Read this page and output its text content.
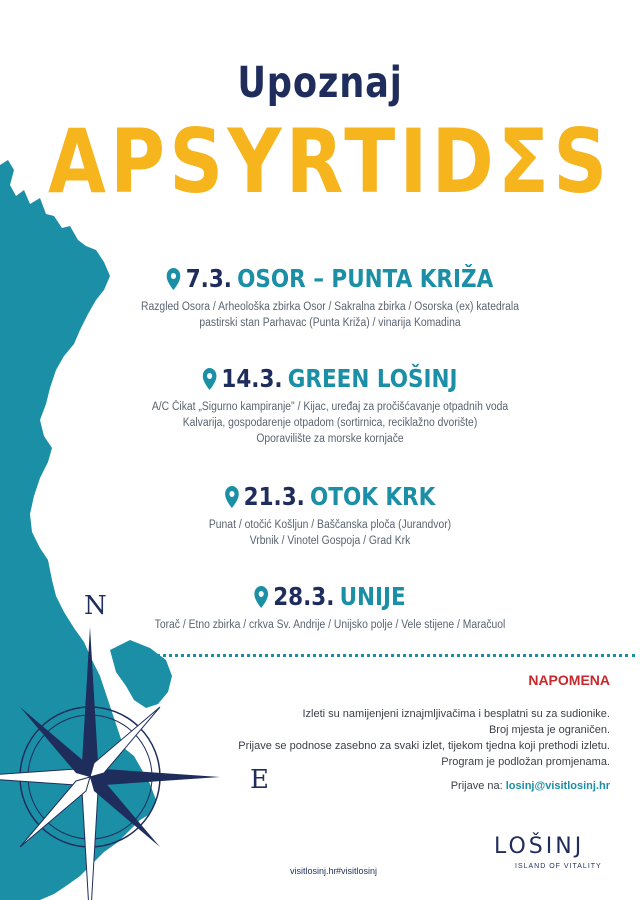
N
E
Upoznaj
APSYRTIDΣS
7.3. OSOR – PUNTA KRIŽA
Razgled Osora / Arheološka zbirka Osor / Sakralna zbirka / Osorska (ex) katedrala
pastirski stan Parhavac (Punta Križa) / vinarija Komadina
14.3. GREEN LOŠINJ
A/C Čikat „Sigurno kampiranje" / Kijac, uređaj za pročišćavanje otpadnih voda
Kalvarija, gospodarenje otpadom (sortirnica, reciklažno dvorište)
Oporavilište za morske kornjače
21.3. OTOK KRK
Punat / otočić Košljun / Baščanska ploča (Jurandvor)
Vrbnik / Vinotel Gospoja / Grad Krk
28.3. UNIJE
Torač / Etno zbirka / crkva Sv. Andrije / Unijsko polje / Vele stijene / Maračuol
NAPOMENA
Izleti su namijenjeni iznajmljivačima i besplatni su za sudionike.
Broj mjesta je ograničen.
Prijave se podnose zasebno za svaki izlet, tijekom tjedna koji prethodi izletu.
Program je podložan promjenama.
Prijave na: losinj@visitlosinj.hr
visitlosinj.hr #visitlosinj
LOŠINJ
ISLAND OF VITALITY
